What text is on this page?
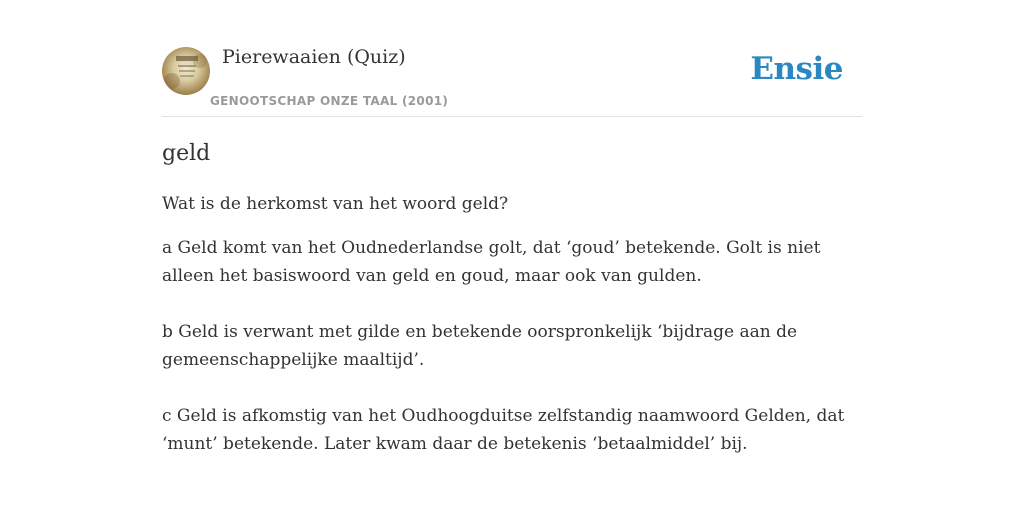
Pierewaaien (Quiz)
GENOOTSCHAP ONZE TAAL (2001)
Ensie
geld

Wat is de herkomst van het woord geld?

a Geld komt van het Oudnederlandse golt, dat ‘goud’ betekende. Golt is niet alleen het basiswoord van geld en goud, maar ook van gulden.

b Geld is verwant met gilde en betekende oorspronkelijk ‘bijdrage aan de gemeenschappelijke maaltijd’.

c Geld is afkomstig van het Oudhoogduitse zelfstandig naamwoord Gelden, dat ‘munt’ betekende. Later kwam daar de betekenis ‘betaalmiddel’ bij.
